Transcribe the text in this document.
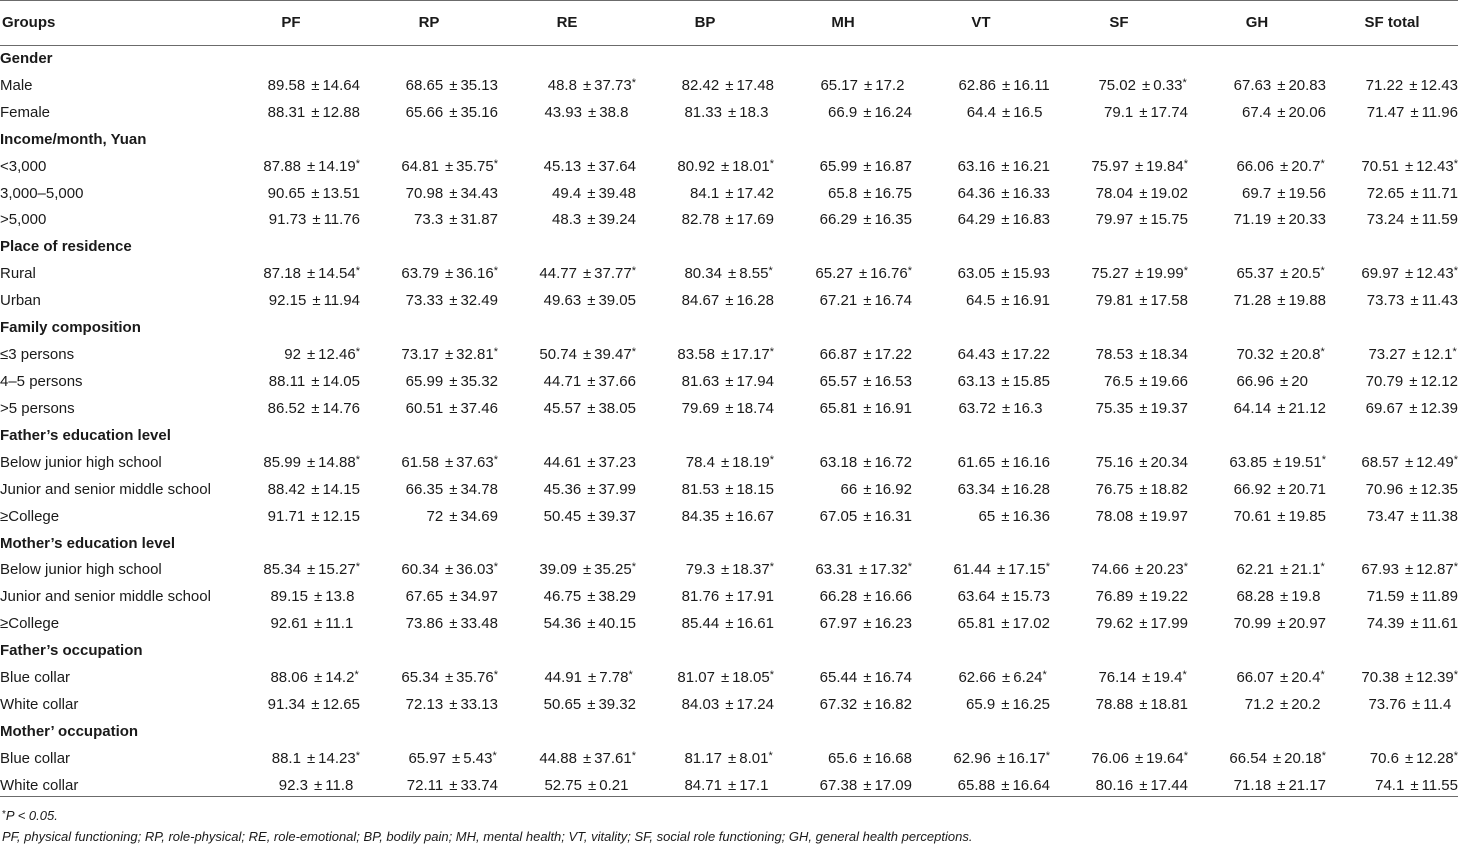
Groups	PF	RP	RE	BP	MH	VT	SF	GH	SF total
Gender									
Male	89.58 ± 14.64	68.65 ± 35.13	48.8 ± 37.73*	82.42 ± 17.48	65.17 ± 17.2	62.86 ± 16.11	75.02 ± 0.33*	67.63 ± 20.83	71.22 ± 12.43

Female	88.31 ± 12.88	65.66 ± 35.16	43.93 ± 38.8	81.33 ± 18.3	66.9 ± 16.24	64.4 ± 16.5	79.1 ± 17.74	67.4 ± 20.06	71.47 ± 11.96

Income/month, Yuan									
<3,000	87.88 ± 14.19*	64.81 ± 35.75*	45.13 ± 37.64	80.92 ± 18.01*	65.99 ± 16.87	63.16 ± 16.21	75.97 ± 19.84*	66.06 ± 20.7*	70.51 ± 12.43*

3,000–5,000	90.65 ± 13.51	70.98 ± 34.43	49.4 ± 39.48	84.1 ± 17.42	65.8 ± 16.75	64.36 ± 16.33	78.04 ± 19.02	69.7 ± 19.56	72.65 ± 11.71

>5,000	91.73 ± 11.76	73.3 ± 31.87	48.3 ± 39.24	82.78 ± 17.69	66.29 ± 16.35	64.29 ± 16.83	79.97 ± 15.75	71.19 ± 20.33	73.24 ± 11.59

Place of residence									
Rural	87.18 ± 14.54*	63.79 ± 36.16*	44.77 ± 37.77*	80.34 ± 8.55*	65.27 ± 16.76*	63.05 ± 15.93	75.27 ± 19.99*	65.37 ± 20.5*	69.97 ± 12.43*

Urban	92.15 ± 11.94	73.33 ± 32.49	49.63 ± 39.05	84.67 ± 16.28	67.21 ± 16.74	64.5 ± 16.91	79.81 ± 17.58	71.28 ± 19.88	73.73 ± 11.43

Family composition									
≤3 persons	92 ± 12.46*	73.17 ± 32.81*	50.74 ± 39.47*	83.58 ± 17.17*	66.87 ± 17.22	64.43 ± 17.22	78.53 ± 18.34	70.32 ± 20.8*	73.27 ± 12.1*

4–5 persons	88.11 ± 14.05	65.99 ± 35.32	44.71 ± 37.66	81.63 ± 17.94	65.57 ± 16.53	63.13 ± 15.85	76.5 ± 19.66	66.96 ± 20	70.79 ± 12.12

>5 persons	86.52 ± 14.76	60.51 ± 37.46	45.57 ± 38.05	79.69 ± 18.74	65.81 ± 16.91	63.72 ± 16.3	75.35 ± 19.37	64.14 ± 21.12	69.67 ± 12.39

Father’s education level									
Below junior high school	85.99 ± 14.88*	61.58 ± 37.63*	44.61 ± 37.23	78.4 ± 18.19*	63.18 ± 16.72	61.65 ± 16.16	75.16 ± 20.34	63.85 ± 19.51*	68.57 ± 12.49*

Junior and senior middle school	88.42 ± 14.15	66.35 ± 34.78	45.36 ± 37.99	81.53 ± 18.15	66 ± 16.92	63.34 ± 16.28	76.75 ± 18.82	66.92 ± 20.71	70.96 ± 12.35

≥College	91.71 ± 12.15	72 ± 34.69	50.45 ± 39.37	84.35 ± 16.67	67.05 ± 16.31	65 ± 16.36	78.08 ± 19.97	70.61 ± 19.85	73.47 ± 11.38

Mother’s education level									
Below junior high school	85.34 ± 15.27*	60.34 ± 36.03*	39.09 ± 35.25*	79.3 ± 18.37*	63.31 ± 17.32*	61.44 ± 17.15*	74.66 ± 20.23*	62.21 ± 21.1*	67.93 ± 12.87*

Junior and senior middle school	89.15 ± 13.8	67.65 ± 34.97	46.75 ± 38.29	81.76 ± 17.91	66.28 ± 16.66	63.64 ± 15.73	76.89 ± 19.22	68.28 ± 19.8	71.59 ± 11.89

≥College	92.61 ± 11.1	73.86 ± 33.48	54.36 ± 40.15	85.44 ± 16.61	67.97 ± 16.23	65.81 ± 17.02	79.62 ± 17.99	70.99 ± 20.97	74.39 ± 11.61

Father’s occupation									
Blue collar	88.06 ± 14.2*	65.34 ± 35.76*	44.91 ± 7.78*	81.07 ± 18.05*	65.44 ± 16.74	62.66 ± 6.24*	76.14 ± 19.4*	66.07 ± 20.4*	70.38 ± 12.39*

White collar	91.34 ± 12.65	72.13 ± 33.13	50.65 ± 39.32	84.03 ± 17.24	67.32 ± 16.82	65.9 ± 16.25	78.88 ± 18.81	71.2 ± 20.2	73.76 ± 11.4

Mother’ occupation									
Blue collar	88.1 ± 14.23*	65.97 ± 5.43*	44.88 ± 37.61*	81.17 ± 8.01*	65.6 ± 16.68	62.96 ± 16.17*	76.06 ± 19.64*	66.54 ± 20.18*	70.6 ± 12.28*

White collar	92.3 ± 11.8	72.11 ± 33.74	52.75 ± 0.21	84.71 ± 17.1	67.38 ± 17.09	65.88 ± 16.64	80.16 ± 17.44	71.18 ± 21.17	74.1 ± 11.55
*P < 0.05.
PF, physical functioning; RP, role-physical; RE, role-emotional; BP, bodily pain; MH, mental health; VT, vitality; SF, social role functioning; GH, general health perceptions.
